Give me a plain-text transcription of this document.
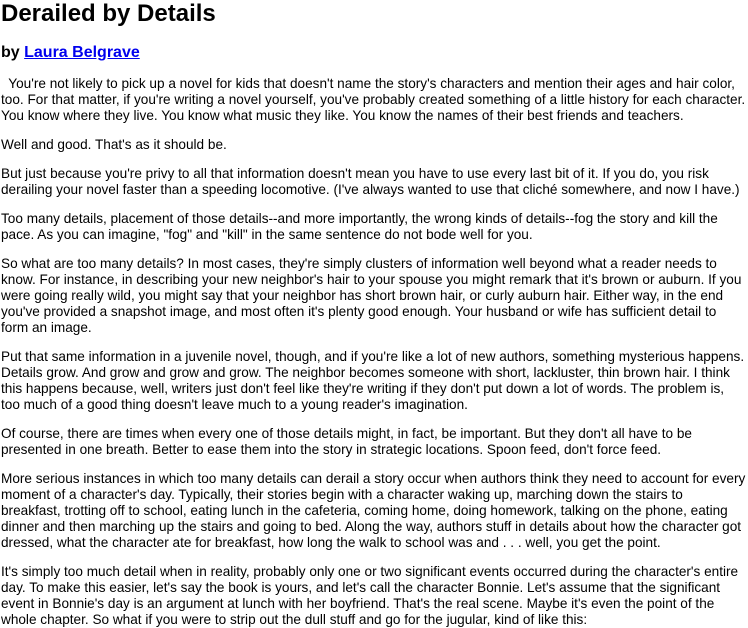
Derailed by Details
by Laura Belgrave

You're not likely to pick up a novel for kids that doesn't name the story's characters and mention their ages and hair color, too. For that matter, if you're writing a novel yourself, you've probably created something of a little history for each character. You know where they live. You know what music they like. You know the names of their best friends and teachers.

Well and good. That's as it should be.

But just because you're privy to all that information doesn't mean you have to use every last bit of it. If you do, you risk derailing your novel faster than a speeding locomotive. (I've always wanted to use that cliché somewhere, and now I have.)

Too many details, placement of those details--and more importantly, the wrong kinds of details--fog the story and kill the pace. As you can imagine, "fog" and "kill" in the same sentence do not bode well for you.

So what are too many details? In most cases, they're simply clusters of information well beyond what a reader needs to know. For instance, in describing your new neighbor's hair to your spouse you might remark that it's brown or auburn. If you were going really wild, you might say that your neighbor has short brown hair, or curly auburn hair. Either way, in the end you've provided a snapshot image, and most often it's plenty good enough. Your husband or wife has sufficient detail to form an image.

Put that same information in a juvenile novel, though, and if you're like a lot of new authors, something mysterious happens. Details grow. And grow and grow and grow. The neighbor becomes someone with short, lackluster, thin brown hair. I think this happens because, well, writers just don't feel like they're writing if they don't put down a lot of words. The problem is, too much of a good thing doesn't leave much to a young reader's imagination.

Of course, there are times when every one of those details might, in fact, be important. But they don't all have to be presented in one breath. Better to ease them into the story in strategic locations. Spoon feed, don't force feed.

More serious instances in which too many details can derail a story occur when authors think they need to account for every moment of a character's day. Typically, their stories begin with a character waking up, marching down the stairs to breakfast, trotting off to school, eating lunch in the cafeteria, coming home, doing homework, talking on the phone, eating dinner and then marching up the stairs and going to bed. Along the way, authors stuff in details about how the character got dressed, what the character ate for breakfast, how long the walk to school was and . . . well, you get the point.

It's simply too much detail when in reality, probably only one or two significant events occurred during the character's entire day. To make this easier, let's say the book is yours, and let's call the character Bonnie. Let's assume that the significant event in Bonnie's day is an argument at lunch with her boyfriend. That's the real scene. Maybe it's even the point of the whole chapter. So what if you were to strip out the dull stuff and go for the jugular, kind of like this:
